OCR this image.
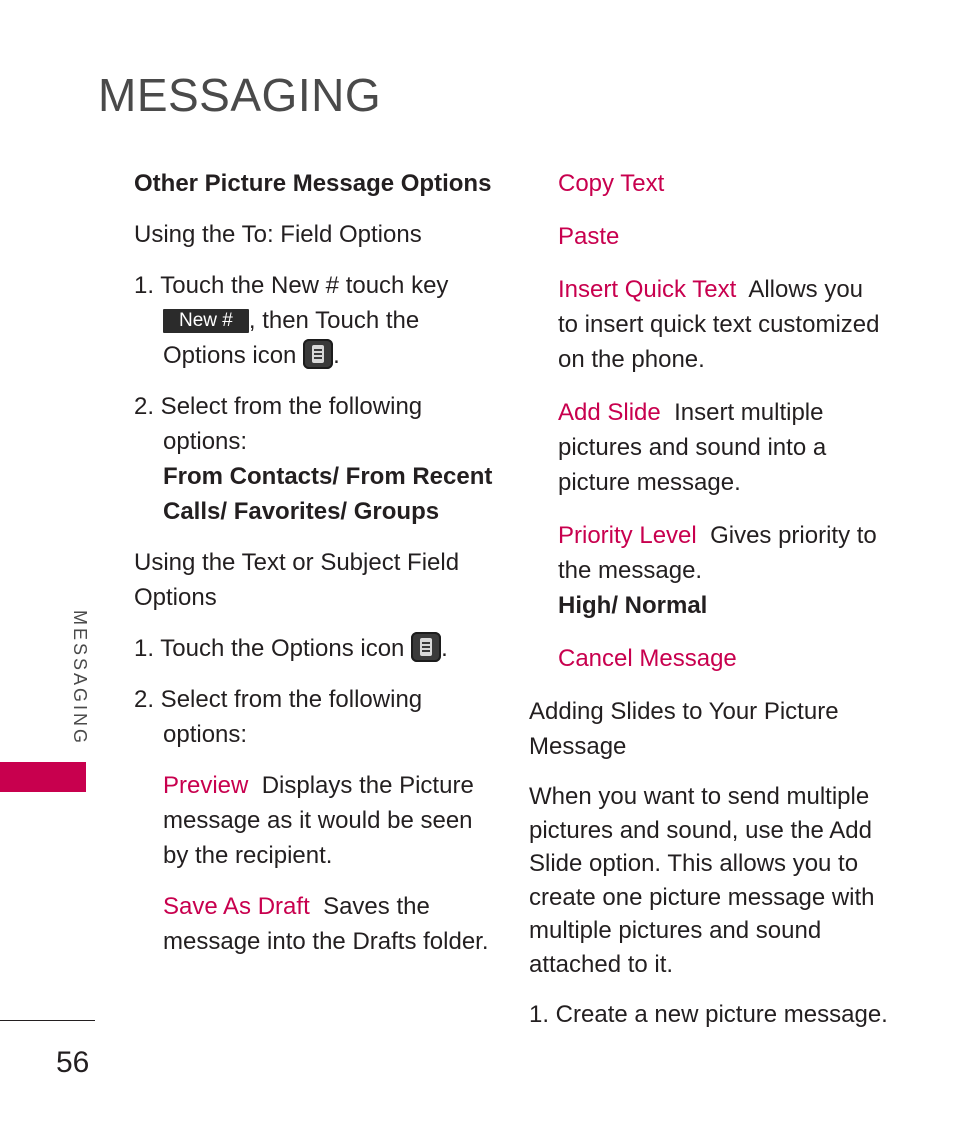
MESSAGING
MESSAGING
56

Other Picture Message Options

Using the To: Field Options

1. Touch the New # touch key
New # , then Touch the Options icon .

2. Select from the following options:

From Contacts/ From Recent Calls/ Favorites/ Groups

Using the Text or Subject Field Options

1. Touch the Options icon .

2. Select from the following options:

Preview Displays the Picture message as it would be seen by the recipient.

Save As Draft Saves the message into the Drafts folder.

Copy Text

Paste

Insert Quick Text Allows you to insert quick text customized on the phone.

Add Slide Insert multiple pictures and sound into a picture message.

Priority Level Gives priority to the message.

High/ Normal

Cancel Message

Adding Slides to Your Picture Message

When you want to send multiple pictures and sound, use the Add Slide option. This allows you to create one picture message with multiple pictures and sound attached to it.

1. Create a new picture message.
